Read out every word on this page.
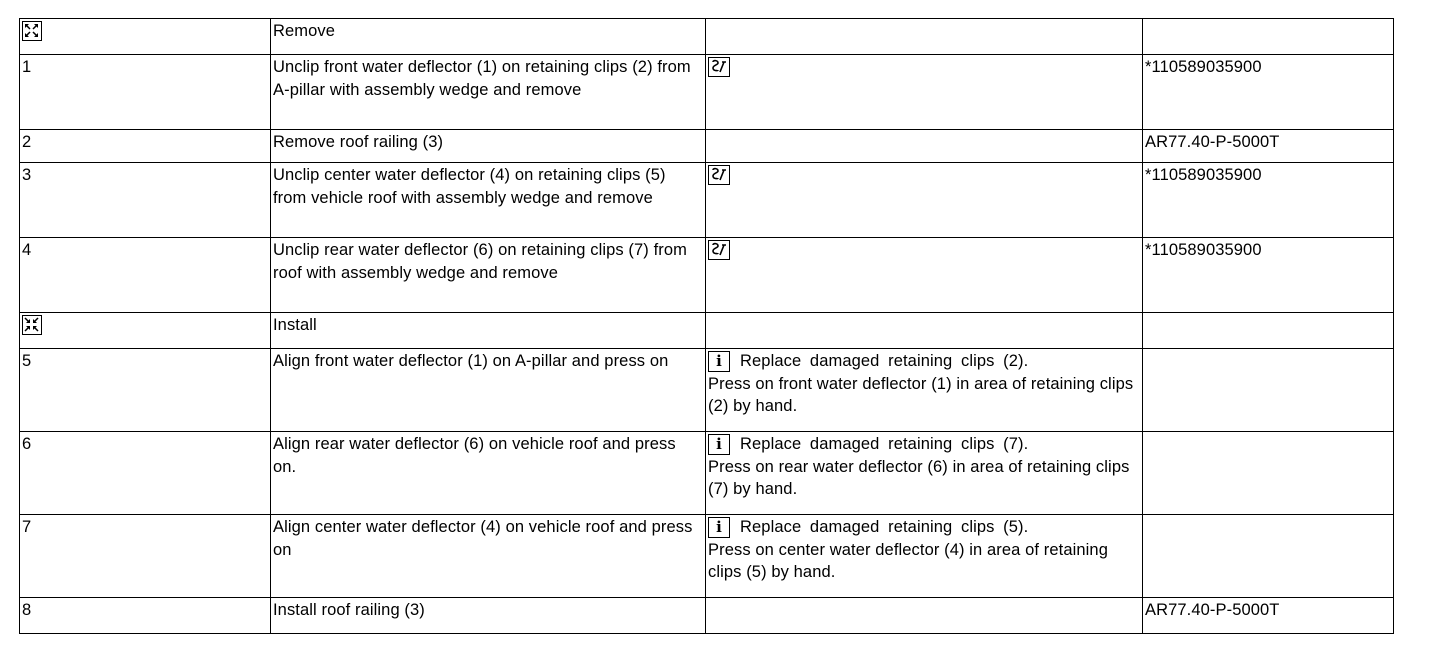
	Remove		
1	Unclip front water deflector (1) on retaining clips (2) from A-pillar with assembly wedge and remove		*110589035900
2	Remove roof railing (3)		AR77.40-P-5000T
3	Unclip center water deflector (4) on retaining clips (5) from vehicle roof with assembly wedge and remove		*110589035900
4	Unclip rear water deflector (6) on retaining clips (7) from roof with assembly wedge and remove		*110589035900

	Install		
5	Align front water deflector (1) on A-pillar and press on	i Replace damaged retaining clips (2).
Press on front water deflector (1) in area of retaining clips (2) by hand.	
6	Align rear water deflector (6) on vehicle roof and press on.	i Replace damaged retaining clips (7).
Press on rear water deflector (6) in area of retaining clips (7) by hand.	
7	Align center water deflector (4) on vehicle roof and press on	i Replace damaged retaining clips (5).
Press on center water deflector (4) in area of retaining clips (5) by hand.	
8	Install roof railing (3)		AR77.40-P-5000T
